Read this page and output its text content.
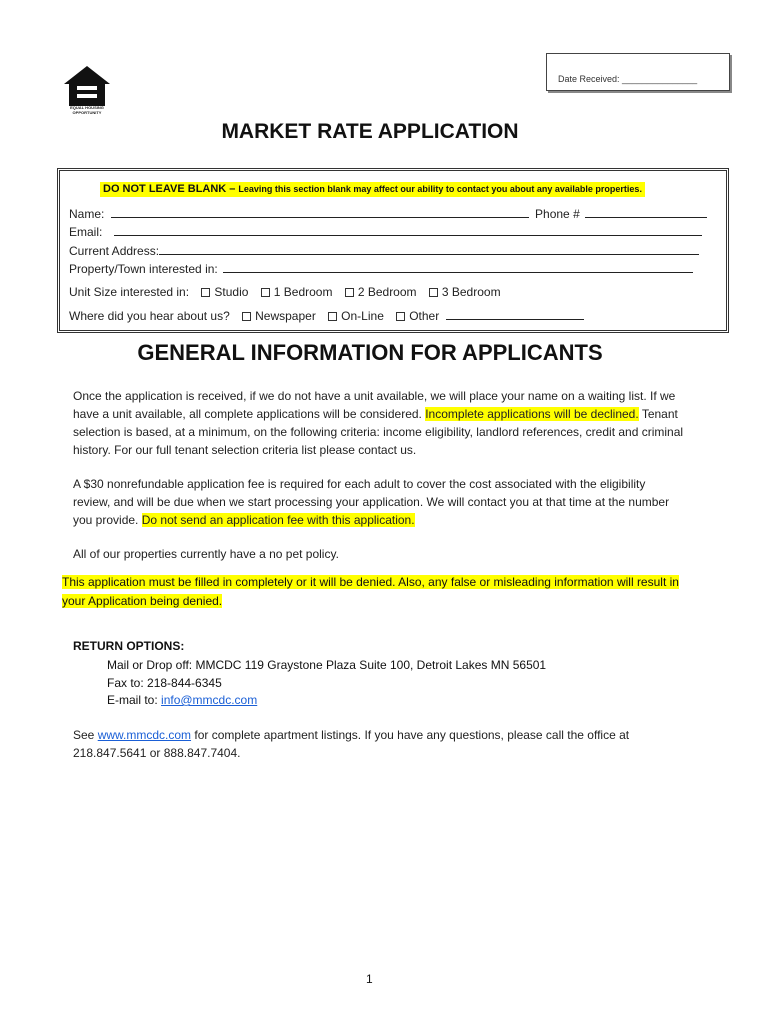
EQUAL HOUSING
OPPORTUNITY
Date Received: _______________
MARKET RATE APPLICATION
DO NOT LEAVE BLANK – Leaving this section blank may affect our ability to contact you about any available properties.
Name:	Phone #
Email:
Current Address:
Property/Town interested in:
Unit Size interested in: Studio 1 Bedroom 2 Bedroom 3 Bedroom
Where did you hear about us? Newspaper On-Line Other
GENERAL INFORMATION FOR APPLICANTS
Once the application is received, if we do not have a unit available, we will place your name on a waiting list. If we have a unit available, all complete applications will be considered. Incomplete applications will be declined. Tenant selection is based, at a minimum, on the following criteria: income eligibility, landlord references, credit and criminal history. For our full tenant selection criteria list please contact us.
A $30 nonrefundable application fee is required for each adult to cover the cost associated with the eligibility review, and will be due when we start processing your application. We will contact you at that time at the number you provide. Do not send an application fee with this application.
All of our properties currently have a no pet policy.
This application must be filled in completely or it will be denied. Also, any false or misleading information will result in your Application being denied.
RETURN OPTIONS:
Mail or Drop off: MMCDC 119 Graystone Plaza Suite 100, Detroit Lakes MN 56501
Fax to: 218-844-6345
E-mail to: info@mmcdc.com
See www.mmcdc.com for complete apartment listings. If you have any questions, please call the office at 218.847.5641 or 888.847.7404.
1
